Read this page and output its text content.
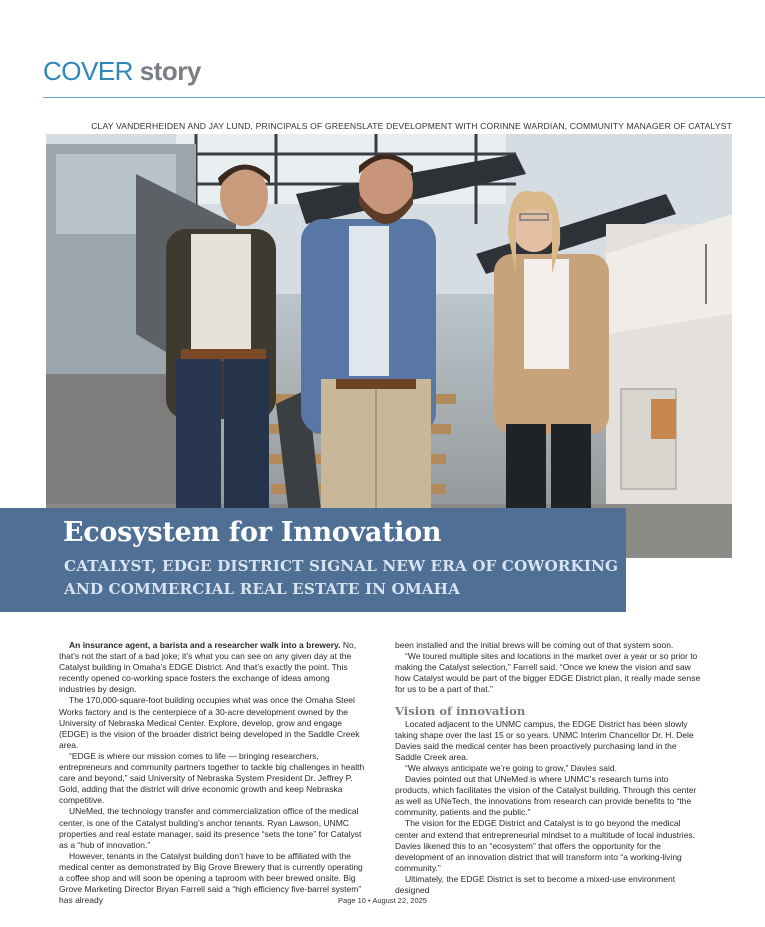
COVER story
CLAY VANDERHEIDEN AND JAY LUND, PRINCIPALS OF GREENSLATE DEVELOPMENT WITH CORINNE WARDIAN, COMMUNITY MANAGER OF CATALYST
Ecosystem for Innovation
CATALYST, EDGE DISTRICT SIGNAL NEW ERA OF COWORKING AND COMMERCIAL REAL ESTATE IN OMAHA

An insurance agent, a barista and a researcher walk into a brewery. No, that’s not the start of a bad joke; it’s what you can see on any given day at the Catalyst building in Omaha’s EDGE District. And that’s exactly the point. This recently opened co-working space fosters the exchange of ideas among industries by design.

The 170,000-square-foot building occupies what was once the Omaha Steel Works factory and is the centerpiece of a 30-acre development owned by the University of Nebraska Medical Center. Explore, develop, grow and engage (EDGE) is the vision of the broader district being developed in the Saddle Creek area.

“EDGE is where our mission comes to life — bringing researchers, entrepreneurs and community partners together to tackle big challenges in health care and beyond,” said University of Nebraska System President Dr. Jeffrey P. Gold, adding that the district will drive economic growth and keep Nebraska competitive.

UNeMed, the technology transfer and commercialization office of the medical center, is one of the Catalyst building’s anchor tenants. Ryan Lawson, UNMC properties and real estate manager, said its presence “sets the tone” for Catalyst as a “hub of innovation.”

However, tenants in the Catalyst building don’t have to be affiliated with the medical center as demonstrated by Big Grove Brewery that is currently operating a coffee shop and will soon be opening a taproom with beer brewed onsite. Big Grove Marketing Director Bryan Farrell said a “high efficiency five-barrel system” has already

been installed and the initial brews will be coming out of that system soon.

“We toured multiple sites and locations in the market over a year or so prior to making the Catalyst selection,” Farrell said. “Once we knew the vision and saw how Catalyst would be part of the bigger EDGE District plan, it really made sense for us to be a part of that.”

Vision of innovation

Located adjacent to the UNMC campus, the EDGE District has been slowly taking shape over the last 15 or so years. UNMC Interim Chancellor Dr. H. Dele Davies said the medical center has been proactively purchasing land in the Saddle Creek area.

“We always anticipate we’re going to grow,” Davies said.

Davies pointed out that UNeMed is where UNMC’s research turns into products, which facilitates the vision of the Catalyst building. Through this center as well as UNeTech, the innovations from research can provide benefits to “the community, patients and the public.”

The vision for the EDGE District and Catalyst is to go beyond the medical center and extend that entrepreneurial mindset to a multitude of local industries. Davies likened this to an “ecosystem” that offers the opportunity for the development of an innovation district that will transform into “a working-living community.”

Ultimately, the EDGE District is set to become a mixed-use environment designed

Page 10 • August 22, 2025
